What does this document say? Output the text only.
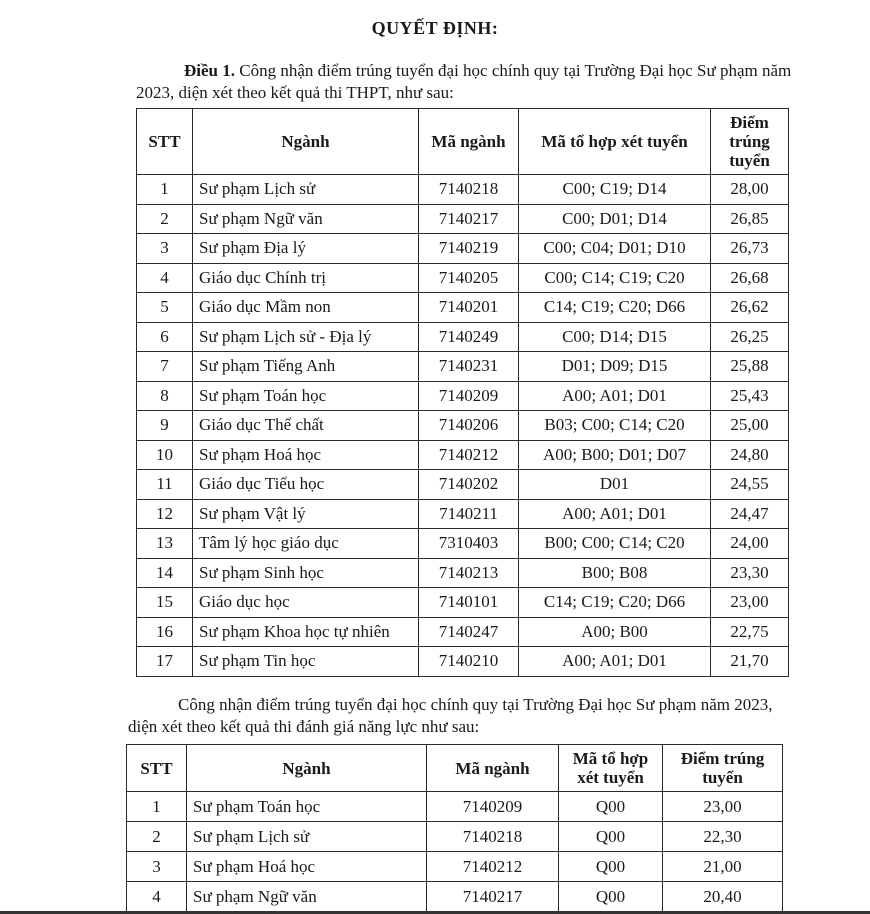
QUYẾT ĐỊNH:

Điều 1. Công nhận điểm trúng tuyển đại học chính quy tại Trường Đại học Sư phạm năm 2023, diện xét theo kết quả thi THPT, như sau:

STT	Ngành	Mã ngành	Mã tổ hợp xét tuyển	Điểm trúng tuyển
1	Sư phạm Lịch sử	7140218	C00; C19; D14	28,00
2	Sư phạm Ngữ văn	7140217	C00; D01; D14	26,85
3	Sư phạm Địa lý	7140219	C00; C04; D01; D10	26,73
4	Giáo dục Chính trị	7140205	C00; C14; C19; C20	26,68
5	Giáo dục Mầm non	7140201	C14; C19; C20; D66	26,62
6	Sư phạm Lịch sử - Địa lý	7140249	C00; D14; D15	26,25
7	Sư phạm Tiếng Anh	7140231	D01; D09; D15	25,88
8	Sư phạm Toán học	7140209	A00; A01; D01	25,43
9	Giáo dục Thể chất	7140206	B03; C00; C14; C20	25,00
10	Sư phạm Hoá học	7140212	A00; B00; D01; D07	24,80
11	Giáo dục Tiểu học	7140202	D01	24,55
12	Sư phạm Vật lý	7140211	A00; A01; D01	24,47
13	Tâm lý học giáo dục	7310403	B00; C00; C14; C20	24,00
14	Sư phạm Sinh học	7140213	B00; B08	23,30
15	Giáo dục học	7140101	C14; C19; C20; D66	23,00
16	Sư phạm Khoa học tự nhiên	7140247	A00; B00	22,75
17	Sư phạm Tin học	7140210	A00; A01; D01	21,70

Công nhận điểm trúng tuyển đại học chính quy tại Trường Đại học Sư phạm năm 2023, diện xét theo kết quả thi đánh giá năng lực như sau:

STT	Ngành	Mã ngành	Mã tổ hợp xét tuyển	Điểm trúng tuyển
1	Sư phạm Toán học	7140209	Q00	23,00
2	Sư phạm Lịch sử	7140218	Q00	22,30
3	Sư phạm Hoá học	7140212	Q00	21,00
4	Sư phạm Ngữ văn	7140217	Q00	20,40
